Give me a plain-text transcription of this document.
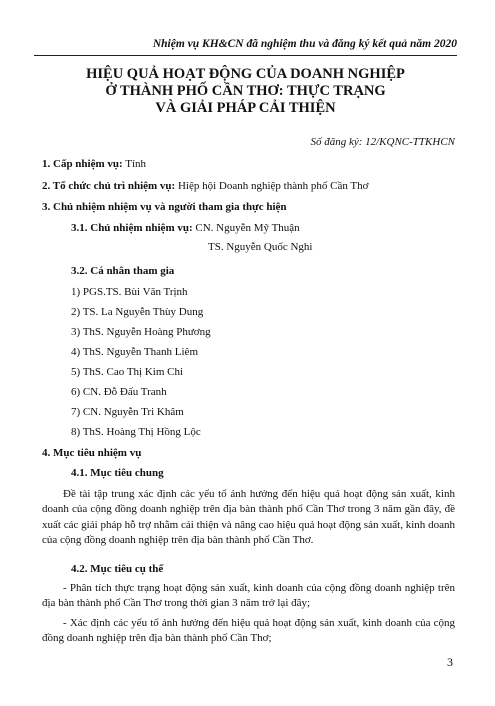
Nhiệm vụ KH&CN đã nghiệm thu và đăng ký kết quả năm 2020
HIỆU QUẢ HOẠT ĐỘNG CỦA DOANH NGHIỆP
Ở THÀNH PHỐ CẦN THƠ: THỰC TRẠNG
VÀ GIẢI PHÁP CẢI THIỆN
Số đăng ký: 12/KQNC-TTKHCN
1. Cấp nhiệm vụ: Tỉnh
2. Tổ chức chủ trì nhiệm vụ: Hiệp hội Doanh nghiệp thành phố Cần Thơ
3. Chủ nhiệm nhiệm vụ và người tham gia thực hiện
3.1. Chủ nhiệm nhiệm vụ: CN. Nguyễn Mỹ Thuận
TS. Nguyễn Quốc Nghi
3.2. Cá nhân tham gia
1) PGS.TS. Bùi Văn Trịnh
2) TS. La Nguyễn Thùy Dung
3) ThS. Nguyễn Hoàng Phương
4) ThS. Nguyễn Thanh Liêm
5) ThS. Cao Thị Kim Chi
6) CN. Đỗ Đấu Tranh
7) CN. Nguyễn Tri Khâm
8) ThS. Hoàng Thị Hồng Lộc
4. Mục tiêu nhiệm vụ
4.1. Mục tiêu chung
Đề tài tập trung xác định các yếu tố ảnh hưởng đến hiệu quả hoạt động sản xuất, kinh doanh của cộng đồng doanh nghiệp trên địa bàn thành phố Cần Thơ trong 3 năm gần đây, đề xuất các giải pháp hỗ trợ nhằm cải thiện và nâng cao hiệu quả hoạt động sản xuất, kinh doanh của cộng đồng doanh nghiệp trên địa bàn thành phố Cần Thơ.
4.2. Mục tiêu cụ thể
- Phân tích thực trạng hoạt động sản xuất, kinh doanh của cộng đồng doanh nghiệp trên địa bàn thành phố Cần Thơ trong thời gian 3 năm trở lại đây;
- Xác định các yếu tố ảnh hưởng đến hiệu quả hoạt động sản xuất, kinh doanh của cộng đồng doanh nghiệp trên địa bàn thành phố Cần Thơ;
3
